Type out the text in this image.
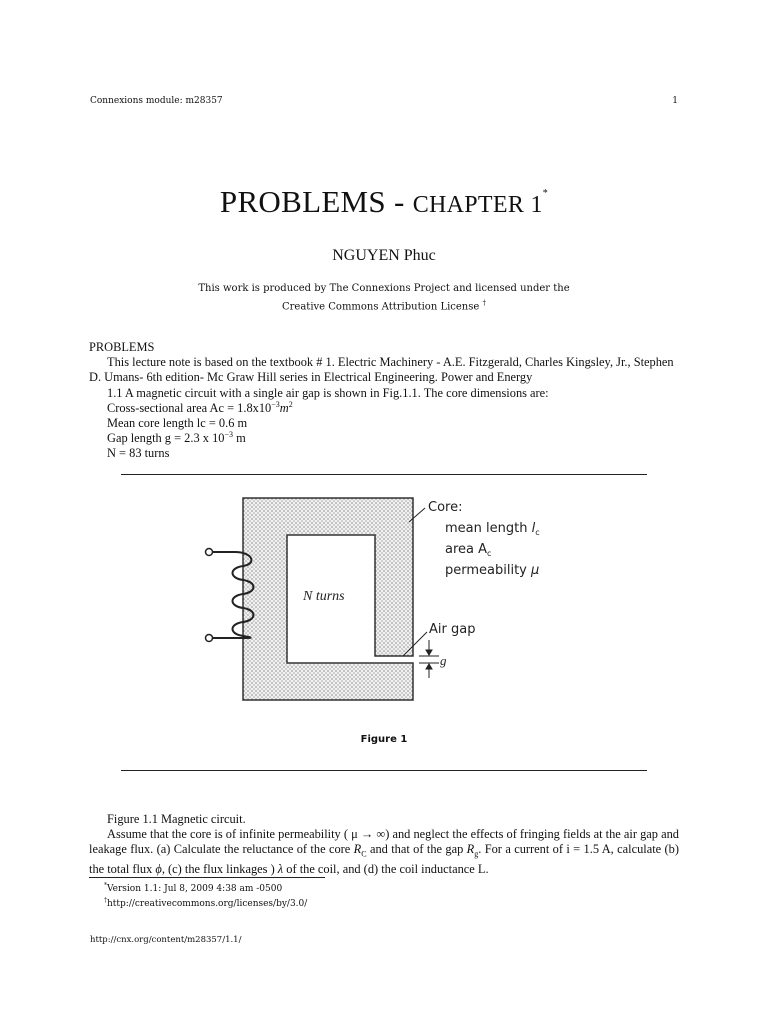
Connexions module: m28357	1
PROBLEMS - CHAPTER 1*
NGUYEN Phuc
This work is produced by The Connexions Project and licensed under the
Creative Commons Attribution License †

PROBLEMS

This lecture note is based on the textbook # 1. Electric Machinery - A.E. Fitzgerald, Charles Kingsley, Jr., Stephen D. Umans- 6th edition- Mc Graw Hill series in Electrical Engineering. Power and Energy

1.1 A magnetic circuit with a single air gap is shown in Fig.1.1. The core dimensions are:

Cross-sectional area $Ac = 1.8x10^{-3}m^2$

Mean core length lc = 0.6 m

Gap length g = 2.3 x $10^{-3}$ m

N = 83 turns

N turns
Core:
mean length $l_c$
area $A_c$
permeability μ
Air gap
g
Figure 1

Figure 1.1 Magnetic circuit.

Assume that the core is of infinite permeability ( μ → ∞) and neglect the effects of fringing fields at the air gap and leakage flux. (a) Calculate the reluctance of the core $R_C$ and that of the gap $R_g$. For a current of i = 1.5 A, calculate (b) the total flux ϕ, (c) the flux linkages ) λ of the coil, and (d) the coil inductance L.

*Version 1.1: Jul 8, 2009 4:38 am -0500
†http://creativecommons.org/licenses/by/3.0/
http://cnx.org/content/m28357/1.1/
